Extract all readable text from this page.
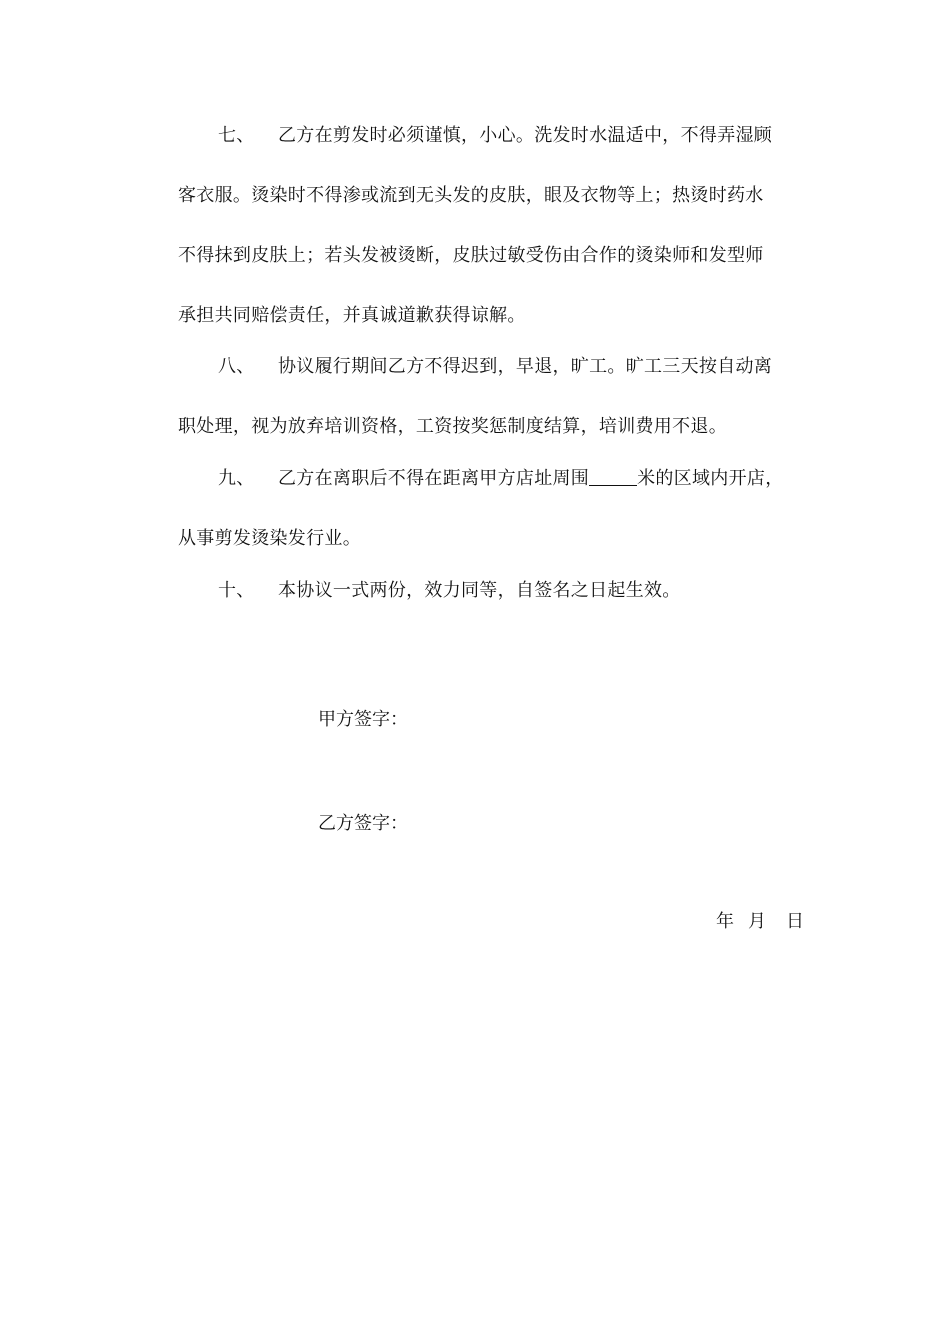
七、 乙方在剪发时必须谨慎，小心。洗发时水温适中，不得弄湿顾
客衣服。烫染时不得渗或流到无头发的皮肤，眼及衣物等上；热烫时药水
不得抹到皮肤上；若头发被烫断，皮肤过敏受伤由合作的烫染师和发型师
承担共同赔偿责任，并真诚道歉获得谅解。
八、 协议履行期间乙方不得迟到，早退，旷工。旷工三天按自动离
职处理，视为放弃培训资格，工资按奖惩制度结算，培训费用不退。
九、 乙方在离职后不得在距离甲方店址周围	米的区域内开店，
从事剪发烫染发行业。
十、 本协议一式两份，效力同等，自签名之日起生效。
甲方签字：
乙方签字：
年 月 日
